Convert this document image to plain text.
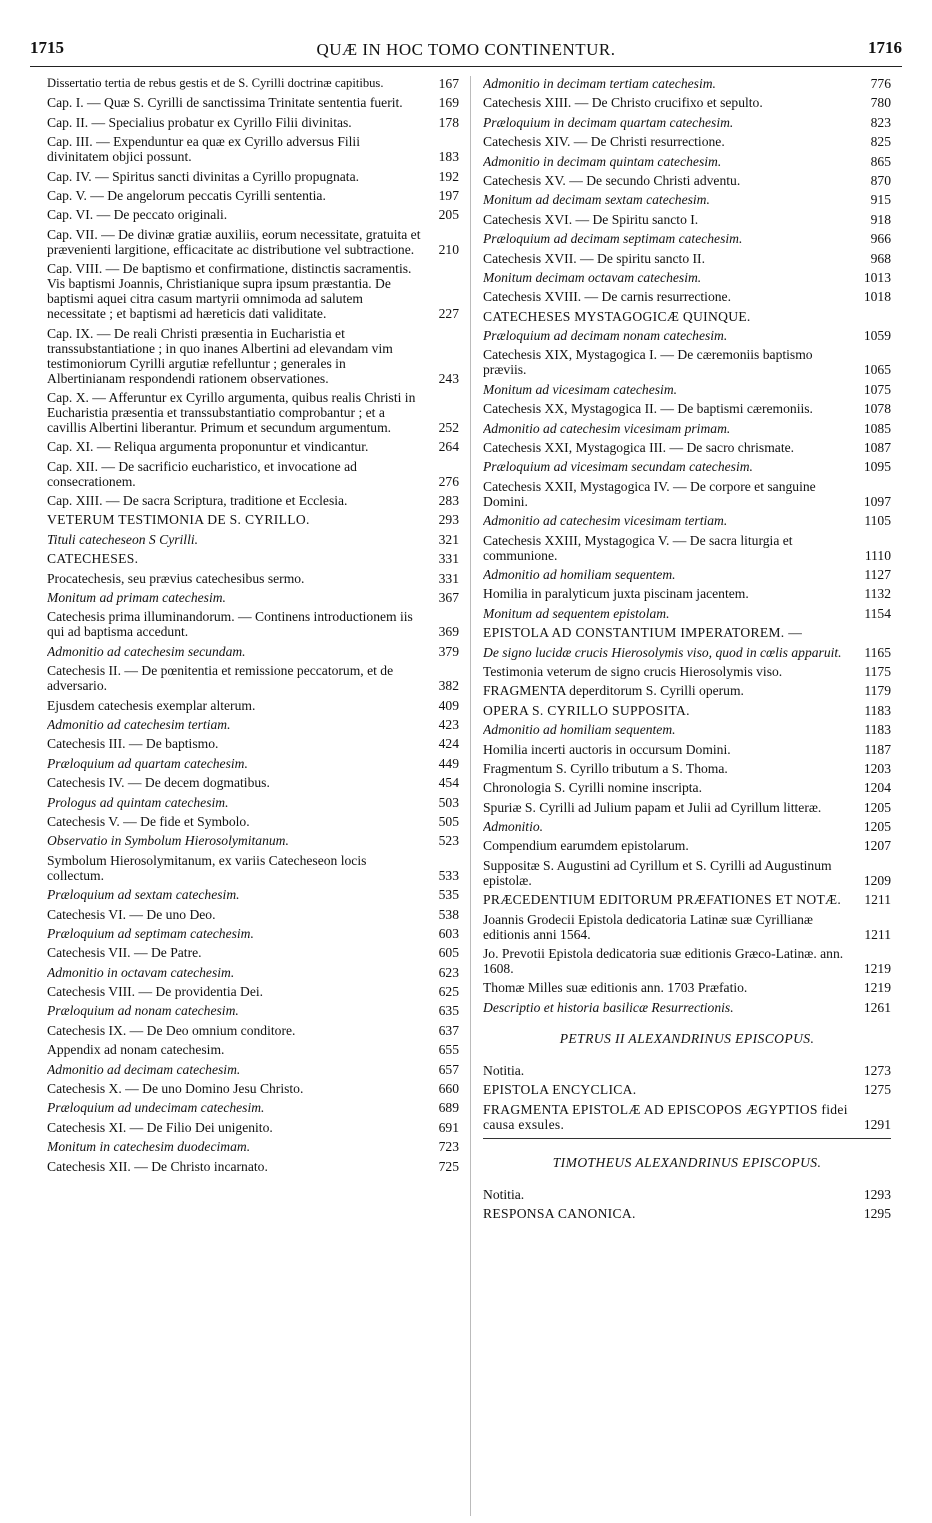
1715	QUÆ IN HOC TOMO CONTINENTUR.	1716
Dissertatio tertia de rebus gestis et de S. Cyrilli doctrinæ capitibus.	167
Cap. I. — Quæ S. Cyrilli de sanctissima Trinitate sententia fuerit.	169
Cap. II. — Specialius probatur ex Cyrillo Filii divinitas.	178
Cap. III. — Expenduntur ea quæ ex Cyrillo adversus Filii divinitatem objici possunt.	183
Cap. IV. — Spiritus sancti divinitas a Cyrillo propugnata.	192
Cap. V. — De angelorum peccatis Cyrilli sententia.	197
Cap. VI. — De peccato originali.	205
Cap. VII. — De divinæ gratiæ auxiliis, eorum necessitate, gratuita et prævenienti largitione, efficacitate ac distributione vel subtractione.	210
Cap. VIII. — De baptismo et confirmatione, distinctis sacramentis. Vis baptismi Joannis, Christianique supra ipsum præstantia. De baptismi aquei citra casum martyrii omnimoda ad salutem necessitate ; et baptismi ad hæreticis dati validitate.	227
Cap. IX. — De reali Christi præsentia in Eucharistia et transsubstantiatione ; in quo inanes Albertini ad elevandam vim testimoniorum Cyrilli argutiæ refelluntur ; generales in Albertinianam respondendi rationem observationes.	243
Cap. X. — Afferuntur ex Cyrillo argumenta, quibus realis Christi in Eucharistia præsentia et transsubstantiatio comprobantur ; et a cavillis Albertini liberantur. Primum et secundum argumentum.	252
Cap. XI. — Reliqua argumenta proponuntur et vindicantur.	264
Cap. XII. — De sacrificio eucharistico, et invocatione ad consecrationem.	276
Cap. XIII. — De sacra Scriptura, traditione et Ecclesia.	283
VETERUM TESTIMONIA DE S. CYRILLO.	293
Tituli catecheseon S Cyrilli.	321
CATECHESES.	331
Procatechesis, seu prævius catechesibus sermo.	331
Monitum ad primam catechesim.	367
Catechesis prima illuminandorum. — Continens introductionem iis qui ad baptisma accedunt.	369
Admonitio ad catechesim secundam.	379
Catechesis II. — De pœnitentia et remissione peccatorum, et de adversario.	382
Ejusdem catechesis exemplar alterum.	409
Admonitio ad catechesim tertiam.	423
Catechesis III. — De baptismo.	424
Præloquium ad quartam catechesim.	449
Catechesis IV. — De decem dogmatibus.	454
Prologus ad quintam catechesim.	503
Catechesis V. — De fide et Symbolo.	505
Observatio in Symbolum Hierosolymitanum.	523
Symbolum Hierosolymitanum, ex variis Catecheseon locis collectum.	533
Præloquium ad sextam catechesim.	535
Catechesis VI. — De uno Deo.	538
Præloquium ad septimam catechesim.	603
Catechesis VII. — De Patre.	605
Admonitio in octavam catechesim.	623
Catechesis VIII. — De providentia Dei.	625
Præloquium ad nonam catechesim.	635
Catechesis IX. — De Deo omnium conditore.	637
Appendix ad nonam catechesim.	655
Admonitio ad decimam catechesim.	657
Catechesis X. — De uno Domino Jesu Christo.	660
Præloquium ad undecimam catechesim.	689
Catechesis XI. — De Filio Dei unigenito.	691
Monitum in catechesim duodecimam.	723
Catechesis XII. — De Christo incarnato.	725
Admonitio in decimam tertiam catechesim.	776
Catechesis XIII. — De Christo crucifixo et sepulto.	780
Præloquium in decimam quartam catechesim.	823
Catechesis XIV. — De Christi resurrectione.	825
Admonitio in decimam quintam catechesim.	865
Catechesis XV. — De secundo Christi adventu.	870
Monitum ad decimam sextam catechesim.	915
Catechesis XVI. — De Spiritu sancto I.	918
Præloquium ad decimam septimam catechesim.	966
Catechesis XVII. — De spiritu sancto II.	968
Monitum decimam octavam catechesim.	1013
Catechesis XVIII. — De carnis resurrectione.	1018
CATECHESES MYSTAGOGICÆ QUINQUE.
Præloquium ad decimam nonam catechesim.	1059
Catechesis XIX, Mystagogica I. — De cæremoniis baptismo præviis.	1065
Monitum ad vicesimam catechesim.	1075
Catechesis XX, Mystagogica II. — De baptismi cæremoniis.	1078
Admonitio ad catechesim vicesimam primam.	1085
Catechesis XXI, Mystagogica III. — De sacro chrismate.	1087
Præloquium ad vicesimam secundam catechesim.	1095
Catechesis XXII, Mystagogica IV. — De corpore et sanguine Domini.	1097
Admonitio ad catechesim vicesimam tertiam.	1105
Catechesis XXIII, Mystagogica V. — De sacra liturgia et communione.	1110
Admonitio ad homiliam sequentem.	1127
Homilia in paralyticum juxta piscinam jacentem.	1132
Monitum ad sequentem epistolam.	1154
EPISTOLA AD CONSTANTIUM IMPERATOREM. —
De signo lucidæ crucis Hierosolymis viso, quod in cœlis apparuit.	1165
Testimonia veterum de signo crucis Hierosolymis viso.	1175
FRAGMENTA deperditorum S. Cyrilli operum.	1179
OPERA S. CYRILLO SUPPOSITA.	1183
Admonitio ad homiliam sequentem.	1183
Homilia incerti auctoris in occursum Domini.	1187
Fragmentum S. Cyrillo tributum a S. Thoma.	1203
Chronologia S. Cyrilli nomine inscripta.	1204
Spuriæ S. Cyrilli ad Julium papam et Julii ad Cyrillum litteræ.	1205
Admonitio.	1205
Compendium earumdem epistolarum.	1207
Suppositæ S. Augustini ad Cyrillum et S. Cyrilli ad Augustinum epistolæ.	1209
PRÆCEDENTIUM EDITORUM PRÆFATIONES ET NOTÆ.	1211
Joannis Grodecii Epistola dedicatoria Latinæ suæ Cyrillianæ editionis anni 1564.	1211
Jo. Prevotii Epistola dedicatoria suæ editionis Græco-Latinæ. ann. 1608.	1219
Thomæ Milles suæ editionis ann. 1703 Præfatio.	1219
Descriptio et historia basilicæ Resurrectionis.	1261
PETRUS II ALEXANDRINUS EPISCOPUS.
Notitia.	1273
EPISTOLA ENCYCLICA.	1275
FRAGMENTA EPISTOLÆ AD EPISCOPOS ÆGYPTIOS fidei causa exsules.	1291
TIMOTHEUS ALEXANDRINUS EPISCOPUS.
Notitia.	1293
RESPONSA CANONICA.	1295
